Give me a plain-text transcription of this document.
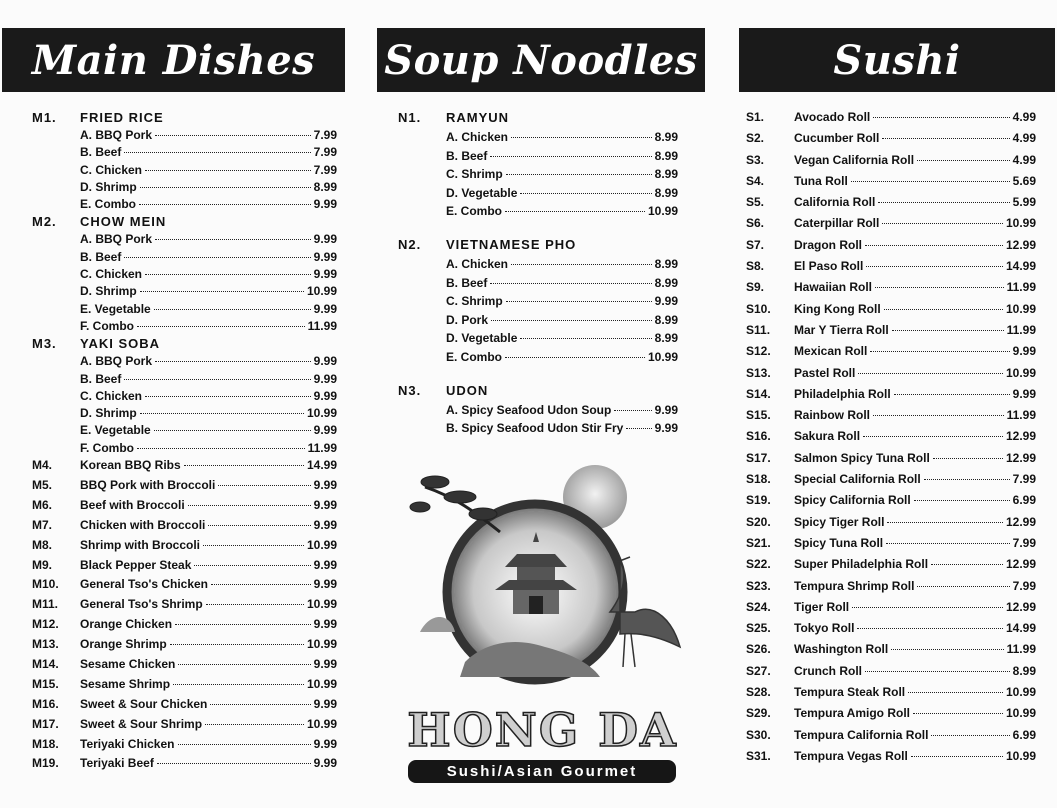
Main Dishes Soup Noodles	Sushi
M1.	FRIED RICE
A. BBQ Pork	7.99
B. Beef	7.99
C. Chicken	7.99
D. Shrimp	8.99
E. Combo	9.99
M2.	CHOW MEIN
A. BBQ Pork	9.99
B. Beef	9.99
C. Chicken	9.99
D. Shrimp	10.99
E. Vegetable	9.99
F. Combo	11.99
M3.	YAKI SOBA
A. BBQ Pork	9.99
B. Beef	9.99
C. Chicken	9.99
D. Shrimp	10.99
E. Vegetable	9.99
F. Combo	11.99
M4.	Korean BBQ Ribs	14.99
M5.	BBQ Pork with Broccoli	9.99
M6.	Beef with Broccoli	9.99
M7.	Chicken with Broccoli	9.99
M8.	Shrimp with Broccoli	10.99
M9.	Black Pepper Steak	9.99
M10.	General Tso's Chicken	9.99
M11.	General Tso's Shrimp	10.99
M12.	Orange Chicken	9.99
M13.	Orange Shrimp	10.99
M14.	Sesame Chicken	9.99
M15.	Sesame Shrimp	10.99
M16.	Sweet & Sour Chicken	9.99
M17.	Sweet & Sour Shrimp	10.99
M18.	Teriyaki Chicken	9.99
M19.	Teriyaki Beef	9.99
N1.	RAMYUN
A. Chicken	8.99
B. Beef	8.99
C. Shrimp	8.99
D. Vegetable	8.99
E. Combo	10.99
N2.	VIETNAMESE PHO
A. Chicken	8.99
B. Beef	8.99
C. Shrimp	9.99
D. Pork	8.99
D. Vegetable	8.99
E. Combo	10.99
N3.	UDON
A. Spicy Seafood Udon Soup	9.99
B. Spicy Seafood Udon Stir Fry	9.99
HONG DA
Sushi/Asian Gourmet
S1.	Avocado Roll	4.99
S2.	Cucumber Roll	4.99
S3.	Vegan California Roll	4.99
S4.	Tuna Roll	5.69
S5.	California Roll	5.99
S6.	Caterpillar Roll	10.99
S7.	Dragon Roll	12.99
S8.	El Paso Roll	14.99
S9.	Hawaiian Roll	11.99
S10.	King Kong Roll	10.99
S11.	Mar Y Tierra Roll	11.99
S12.	Mexican Roll	9.99
S13.	Pastel Roll	10.99
S14.	Philadelphia Roll	9.99
S15.	Rainbow Roll	11.99
S16.	Sakura Roll	12.99
S17.	Salmon Spicy Tuna Roll	12.99
S18.	Special California Roll	7.99
S19.	Spicy California Roll	6.99
S20.	Spicy Tiger Roll	12.99
S21.	Spicy Tuna Roll	7.99
S22.	Super Philadelphia Roll	12.99
S23.	Tempura Shrimp Roll	7.99
S24.	Tiger Roll	12.99
S25.	Tokyo Roll	14.99
S26.	Washington Roll	11.99
S27.	Crunch Roll	8.99
S28.	Tempura Steak Roll	10.99
S29.	Tempura Amigo Roll	10.99
S30.	Tempura California Roll	6.99
S31.	Tempura Vegas Roll	10.99
